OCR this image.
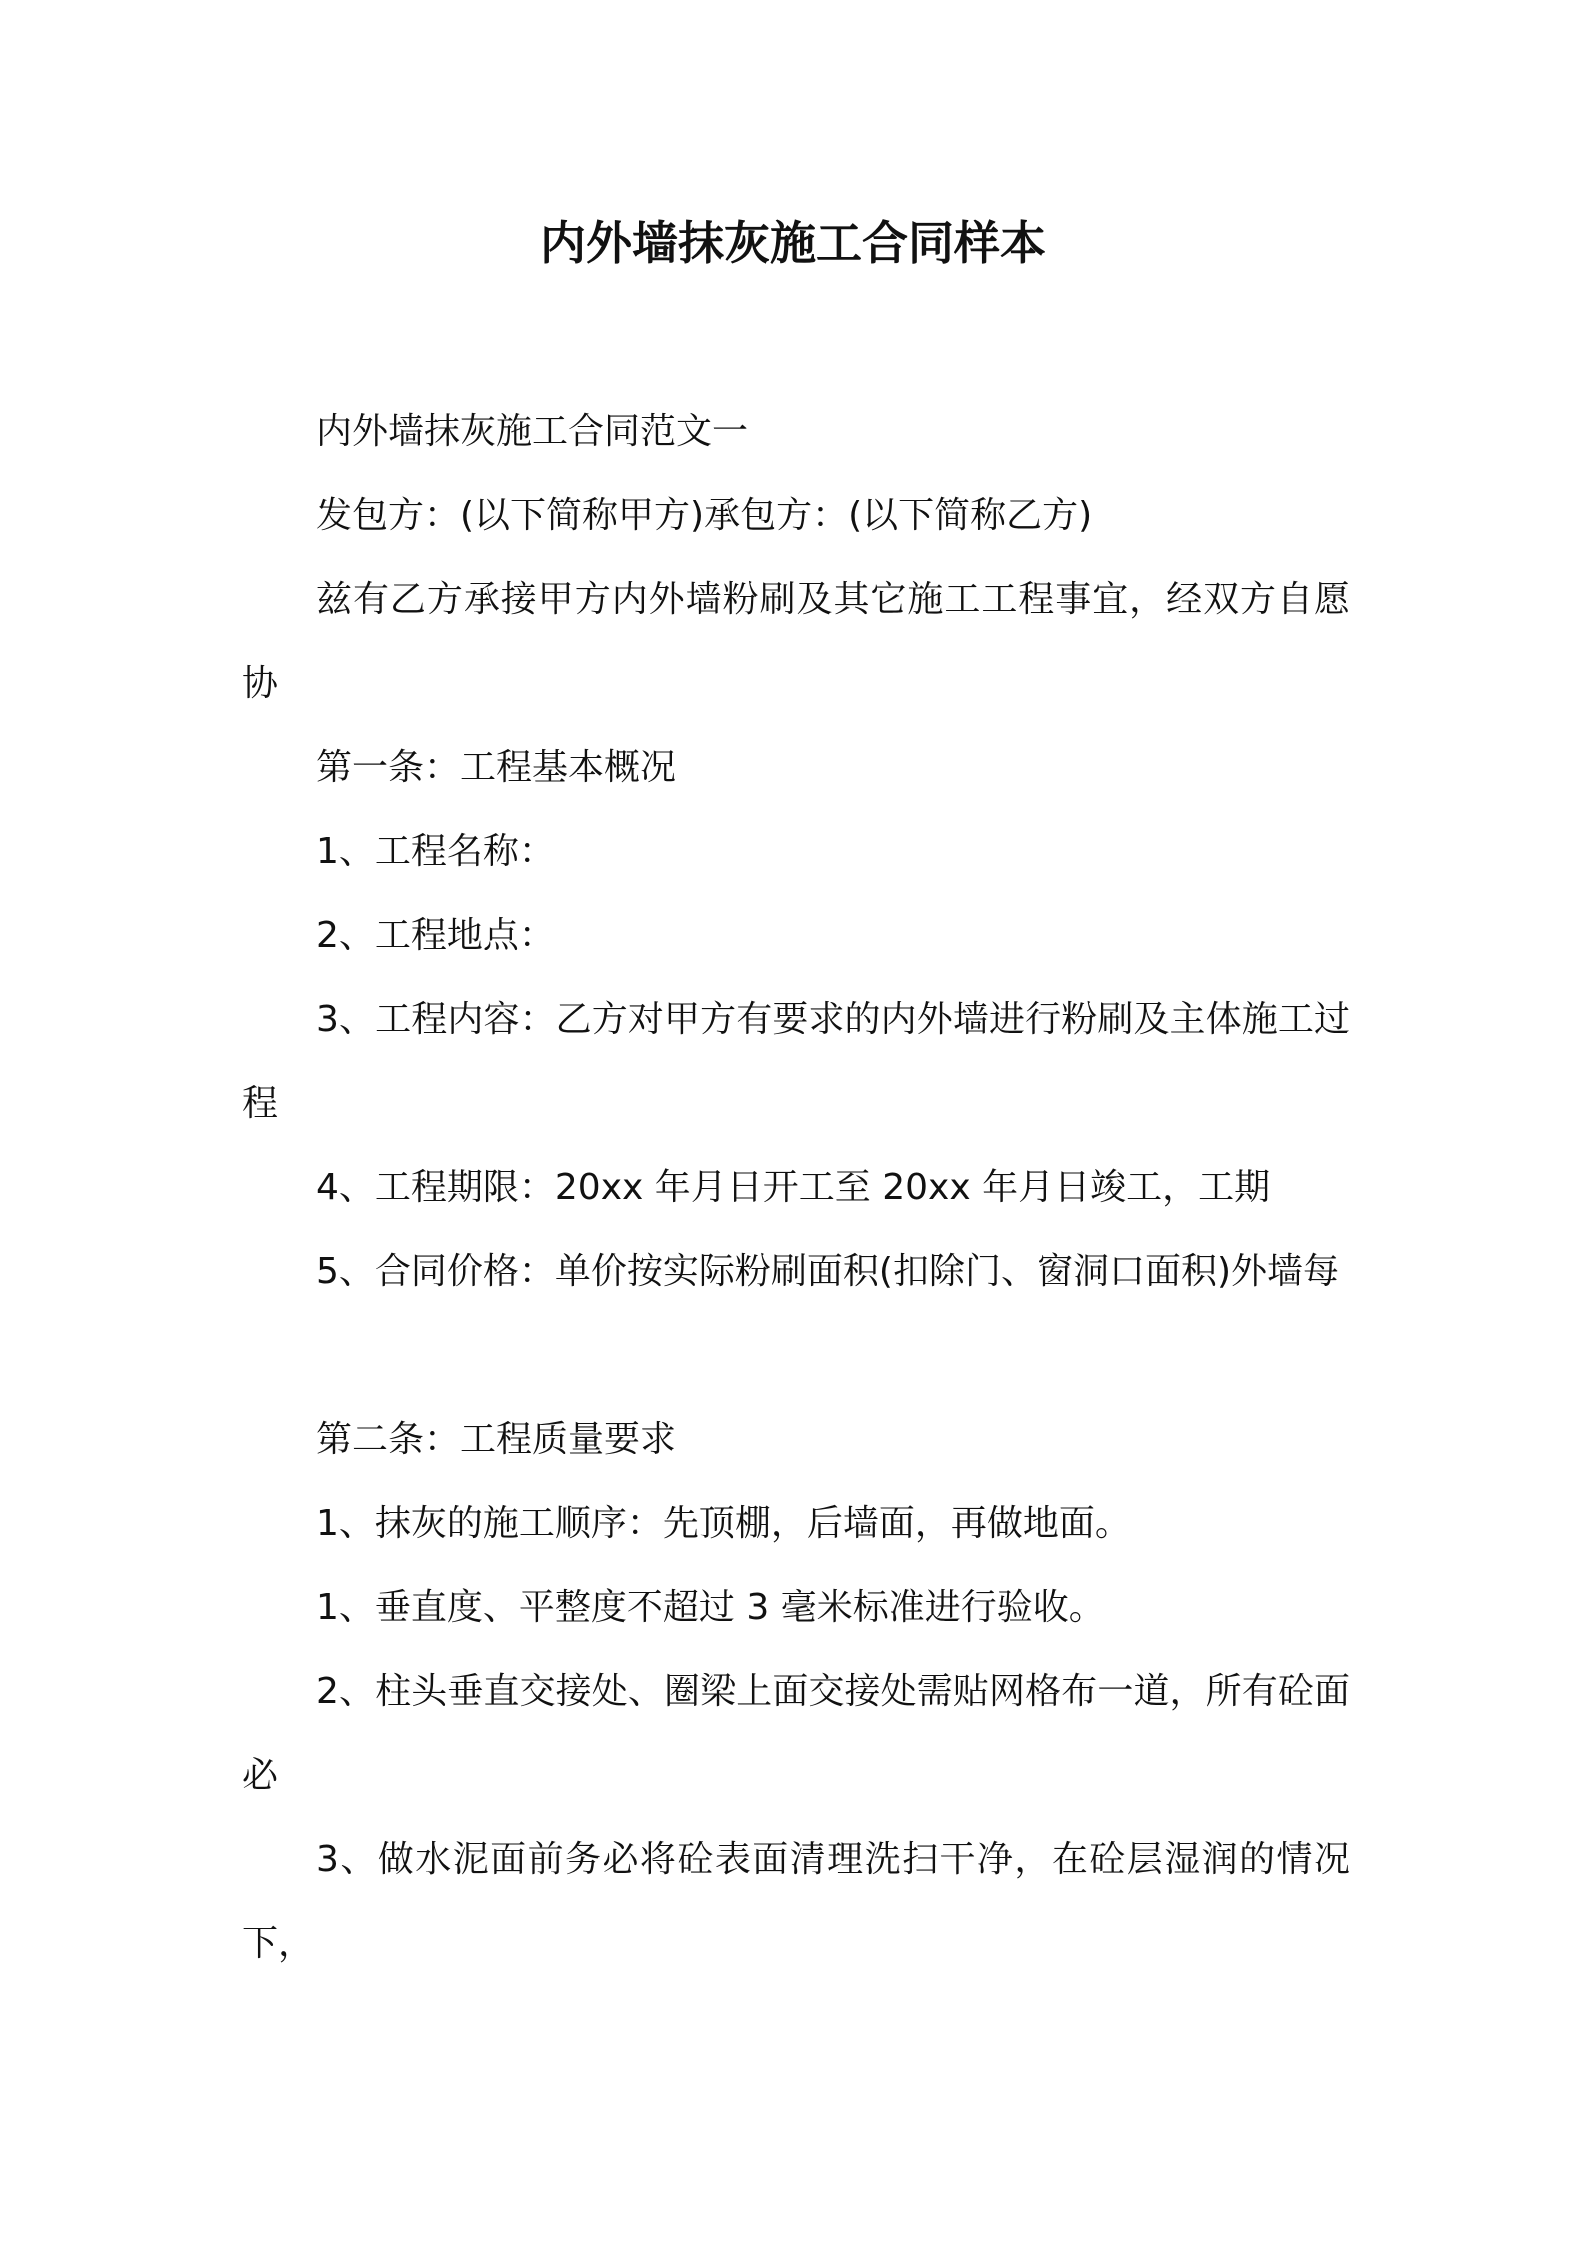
内外墙抹灰施工合同样本

内外墙抹灰施工合同范文一

发包方：(以下简称甲方)承包方：(以下简称乙方)

兹有乙方承接甲方内外墙粉刷及其它施工工程事宜，经双方自愿协

第一条：工程基本概况

1、工程名称：

2、工程地点：

3、工程内容：乙方对甲方有要求的内外墙进行粉刷及主体施工过程

4、工程期限：20xx 年月日开工至 20xx 年月日竣工，工期

5、合同价格：单价按实际粉刷面积(扣除门、窗洞口面积)外墙每

第二条：工程质量要求

1、抹灰的施工顺序：先顶棚，后墙面，再做地面。

1、垂直度、平整度不超过 3 毫米标准进行验收。

2、柱头垂直交接处、圈梁上面交接处需贴网格布一道，所有砼面必

3、做水泥面前务必将砼表面清理洗扫干净，在砼层湿润的情况下，
